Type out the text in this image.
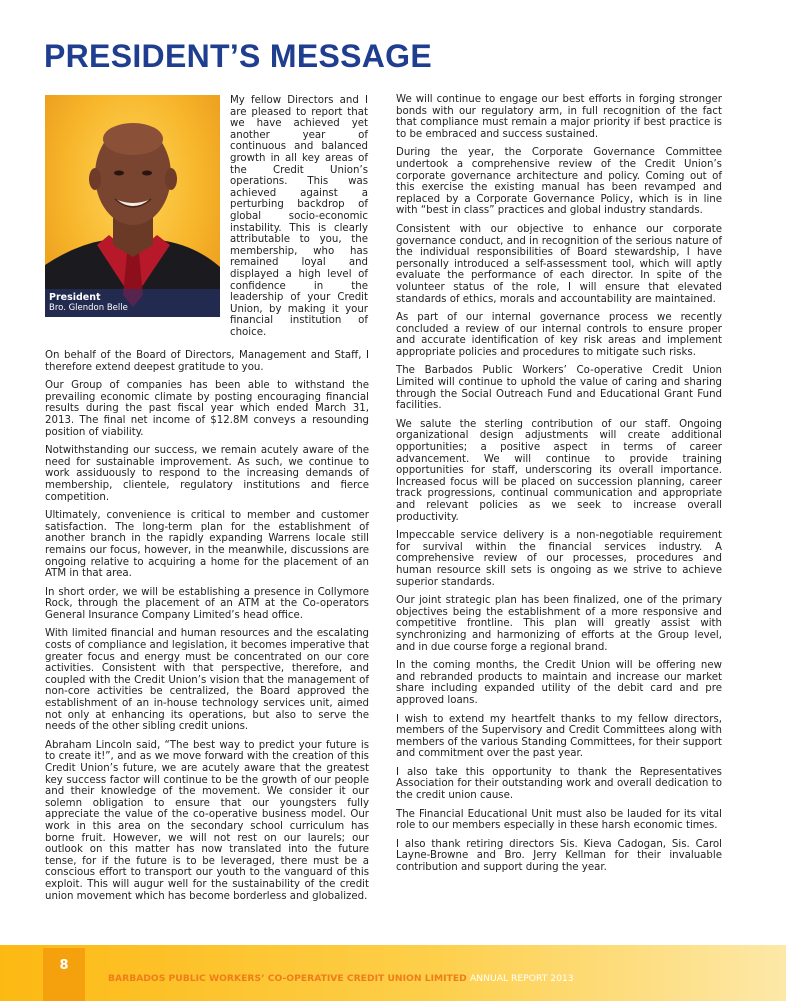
PRESIDENT’S MESSAGE
President
Bro. Glendon Belle
My fellow Directors and I are pleased to report that we have achieved yet another year of continuous and balanced growth in all key areas of the Credit Union’s operations. This was achieved against a perturbing backdrop of global socio-economic instability. This is clearly attributable to you, the membership, who has remained loyal and displayed a high level of confidence in the leadership of your Credit Union, by making it your financial institution of choice.

On behalf of the Board of Directors, Management and Staff, I therefore extend deepest gratitude to you.

Our Group of companies has been able to withstand the prevailing economic climate by posting encouraging financial results during the past fiscal year which ended March 31, 2013. The final net income of $12.8M conveys a resounding position of viability.

Notwithstanding our success, we remain acutely aware of the need for sustainable improvement. As such, we continue to work assiduously to respond to the increasing demands of membership, clientele, regulatory institutions and fierce competition.

Ultimately, convenience is critical to member and customer satisfaction. The long-term plan for the establishment of another branch in the rapidly expanding Warrens locale still remains our focus, however, in the meanwhile, discussions are ongoing relative to acquiring a home for the placement of an ATM in that area.

In short order, we will be establishing a presence in Collymore Rock, through the placement of an ATM at the Co-operators General Insurance Company Limited’s head office.

With limited financial and human resources and the escalating costs of compliance and legislation, it becomes imperative that greater focus and energy must be concentrated on our core activities. Consistent with that perspective, therefore, and coupled with the Credit Union’s vision that the management of non-core activities be centralized, the Board approved the establishment of an in-house technology services unit, aimed not only at enhancing its operations, but also to serve the needs of the other sibling credit unions.

Abraham Lincoln said, “The best way to predict your future is to create it!”, and as we move forward with the creation of this Credit Union’s future, we are acutely aware that the greatest key success factor will continue to be the growth of our people and their knowledge of the movement. We consider it our solemn obligation to ensure that our youngsters fully appreciate the value of the co-operative business model. Our work in this area on the secondary school curriculum has borne fruit. However, we will not rest on our laurels; our outlook on this matter has now translated into the future tense, for if the future is to be leveraged, there must be a conscious effort to transport our youth to the vanguard of this exploit. This will augur well for the sustainability of the credit union movement which has become borderless and globalized.

We will continue to engage our best efforts in forging stronger bonds with our regulatory arm, in full recognition of the fact that compliance must remain a major priority if best practice is to be embraced and success sustained.

During the year, the Corporate Governance Committee undertook a comprehensive review of the Credit Union’s corporate governance architecture and policy. Coming out of this exercise the existing manual has been revamped and replaced by a Corporate Governance Policy, which is in line with “best in class” practices and global industry standards.

Consistent with our objective to enhance our corporate governance conduct, and in recognition of the serious nature of the individual responsibilities of Board stewardship, I have personally introduced a self-assessment tool, which will aptly evaluate the performance of each director. In spite of the volunteer status of the role, I will ensure that elevated standards of ethics, morals and accountability are maintained.

As part of our internal governance process we recently concluded a review of our internal controls to ensure proper and accurate identification of key risk areas and implement appropriate policies and procedures to mitigate such risks.

The Barbados Public Workers’ Co-operative Credit Union Limited will continue to uphold the value of caring and sharing through the Social Outreach Fund and Educational Grant Fund facilities.

We salute the sterling contribution of our staff. Ongoing organizational design adjustments will create additional opportunities; a positive aspect in terms of career advancement. We will continue to provide training opportunities for staff, underscoring its overall importance. Increased focus will be placed on succession planning, career track progressions, continual communication and appropriate and relevant policies as we seek to increase overall productivity.

Impeccable service delivery is a non-negotiable requirement for survival within the financial services industry. A comprehensive review of our processes, procedures and human resource skill sets is ongoing as we strive to achieve superior standards.

Our joint strategic plan has been finalized, one of the primary objectives being the establishment of a more responsive and competitive frontline. This plan will greatly assist with synchronizing and harmonizing of efforts at the Group level, and in due course forge a regional brand.

In the coming months, the Credit Union will be offering new and rebranded products to maintain and increase our market share including expanded utility of the debit card and pre approved loans.

I wish to extend my heartfelt thanks to my fellow directors, members of the Supervisory and Credit Committees along with members of the various Standing Committees, for their support and commitment over the past year.

I also take this opportunity to thank the Representatives Association for their outstanding work and overall dedication to the credit union cause.

The Financial Educational Unit must also be lauded for its vital role to our members especially in these harsh economic times.

I also thank retiring directors Sis. Kieva Cadogan, Sis. Carol Layne-Browne and Bro. Jerry Kellman for their invaluable contribution and support during the year.

8
BARBADOS PUBLIC WORKERS’ CO-OPERATIVE CREDIT UNION LIMITED ANNUAL REPORT 2013
